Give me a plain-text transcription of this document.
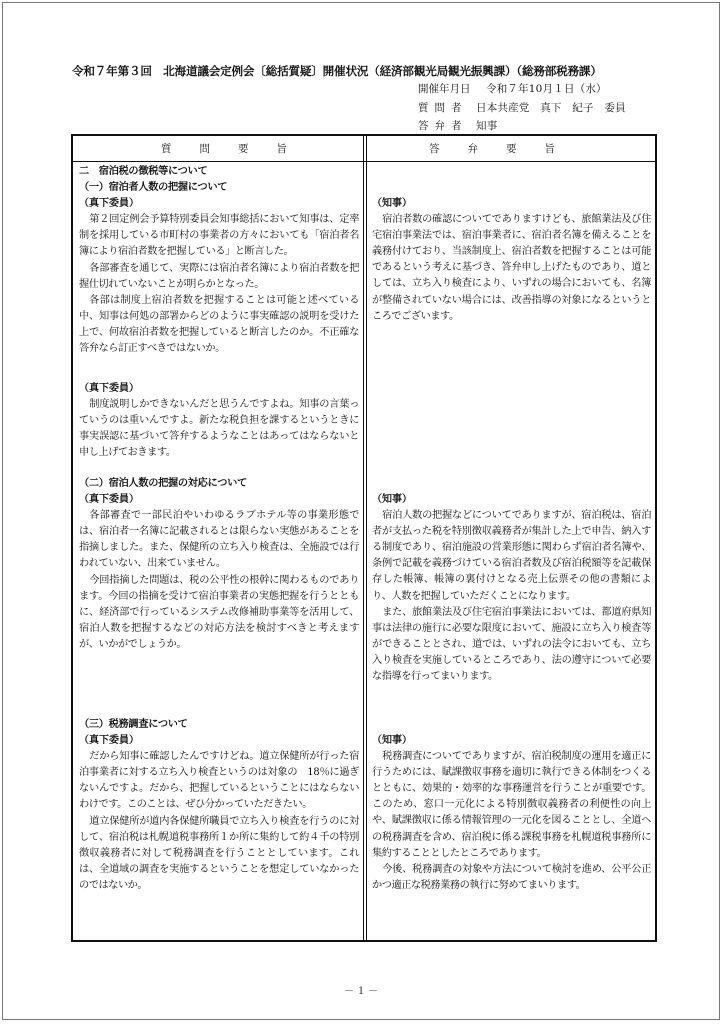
令和７年第３回　北海道議会定例会〔総括質疑〕開催状況（経済部観光局観光振興課）（総務部税務課）
開催年月日 令和７年10月１日（水）
質問者 日本共産党　真下　紀子　委員
答弁者 知事
質問要旨	答弁要旨
二　宿泊税の徴税等について
（一）宿泊者人数の把握について
（真下委員）
第２回定例会予算特別委員会知事総括において知事は、定率制を採用している市町村の事業者の方々においても「宿泊者名簿により宿泊者数を把握している」と断言した。
各部審査を通じて、実際には宿泊者名簿により宿泊者数を把握仕切れていないことが明らかとなった。
各部は制度上宿泊者数を把握することは可能と述べている中、知事は何処の部署からどのように事実確認の説明を受けた上で、何故宿泊者数を把握していると断言したのか。不正確な答弁なら訂正すべきではないか。
（真下委員）
制度説明しかできないんだと思うんですよね。知事の言葉っていうのは重いんですよ。新たな税負担を課するというときに事実誤認に基づいて答弁するようなことはあってはならないと申し上げておきます。
（二）宿泊人数の把握の対応について
（真下委員）
各部審査で一部民泊やいわゆるラブホテル等の事業形態では、宿泊者一名簿に記載されるとは限らない実態があることを指摘しました。また、保健所の立ち入り検査は、全施設では行われていない、出来ていません。
今回指摘した問題は、税の公平性の根幹に関わるものであります。今回の指摘を受けて宿泊事業者の実態把握を行うとともに、経済部で行っているシステム改修補助事業等を活用して、宿泊人数を把握するなどの対応方法を検討すべきと考えますが、いかがでしょうか。
（三）税務調査について
（真下委員）
だから知事に確認したんですけどね。道立保健所が行った宿泊事業者に対する立ち入り検査というのは対象の　18％に過ぎないんですよ。だから、把握しているということにはならないわけです。このことは、ぜひ分かっていただきたい。
道立保健所が道内各保健所職員で立ち入り検査を行うのに対して、宿泊税は札幌道税事務所１か所に集約して約４千の特別徴収義務者に対して税務調査を行うこととしています。これは、全道域の調査を実施するということを想定していなかったのではないか。
（知事）
宿泊者数の確認についてでありますけども、旅館業法及び住宅宿泊事業法では、宿泊事業者に、宿泊者名簿を備えることを義務付けており、当該制度上、宿泊者数を把握することは可能であるという考えに基づき、答弁申し上げたものであり、道としては、立ち入り検査により、いずれの場合においても、名簿が整備されていない場合には、改善指導の対象になるというところでございます。
（知事）
宿泊人数の把握などについてでありますが、宿泊税は、宿泊者が支払った税を特別徴収義務者が集計した上で申告、納入する制度であり、宿泊施設の営業形態に関わらず宿泊者名簿や、条例で記載を義務づけている宿泊者数及び宿泊税額等を記載保存した帳簿、帳簿の裏付けとなる売上伝票その他の書類により、人数を把握していただくことになります。
また、旅館業法及び住宅宿泊事業法においては、都道府県知事は法律の施行に必要な限度において、施設に立ち入り検査等ができることとされ、道では、いずれの法令においても、立ち入り検査を実施しているところであり、法の遵守について必要な指導を行ってまいります。
（知事）
税務調査についてでありますが、宿泊税制度の運用を適正に行うためには、賦課徴収事務を適切に執行できる体制をつくるとともに、効果的・効率的な事務運営を行うことが重要です。このため、窓口一元化による特別徴収義務者の利便性の向上や、賦課徴収に係る情報管理の一元化を図ることとし、全道への税務調査を含め、宿泊税に係る課税事務を札幌道税事務所に集約することとしたところであります。
今後、税務調査の対象や方法について検討を進め、公平公正かつ適正な税務業務の執行に努めてまいります。
－１－
